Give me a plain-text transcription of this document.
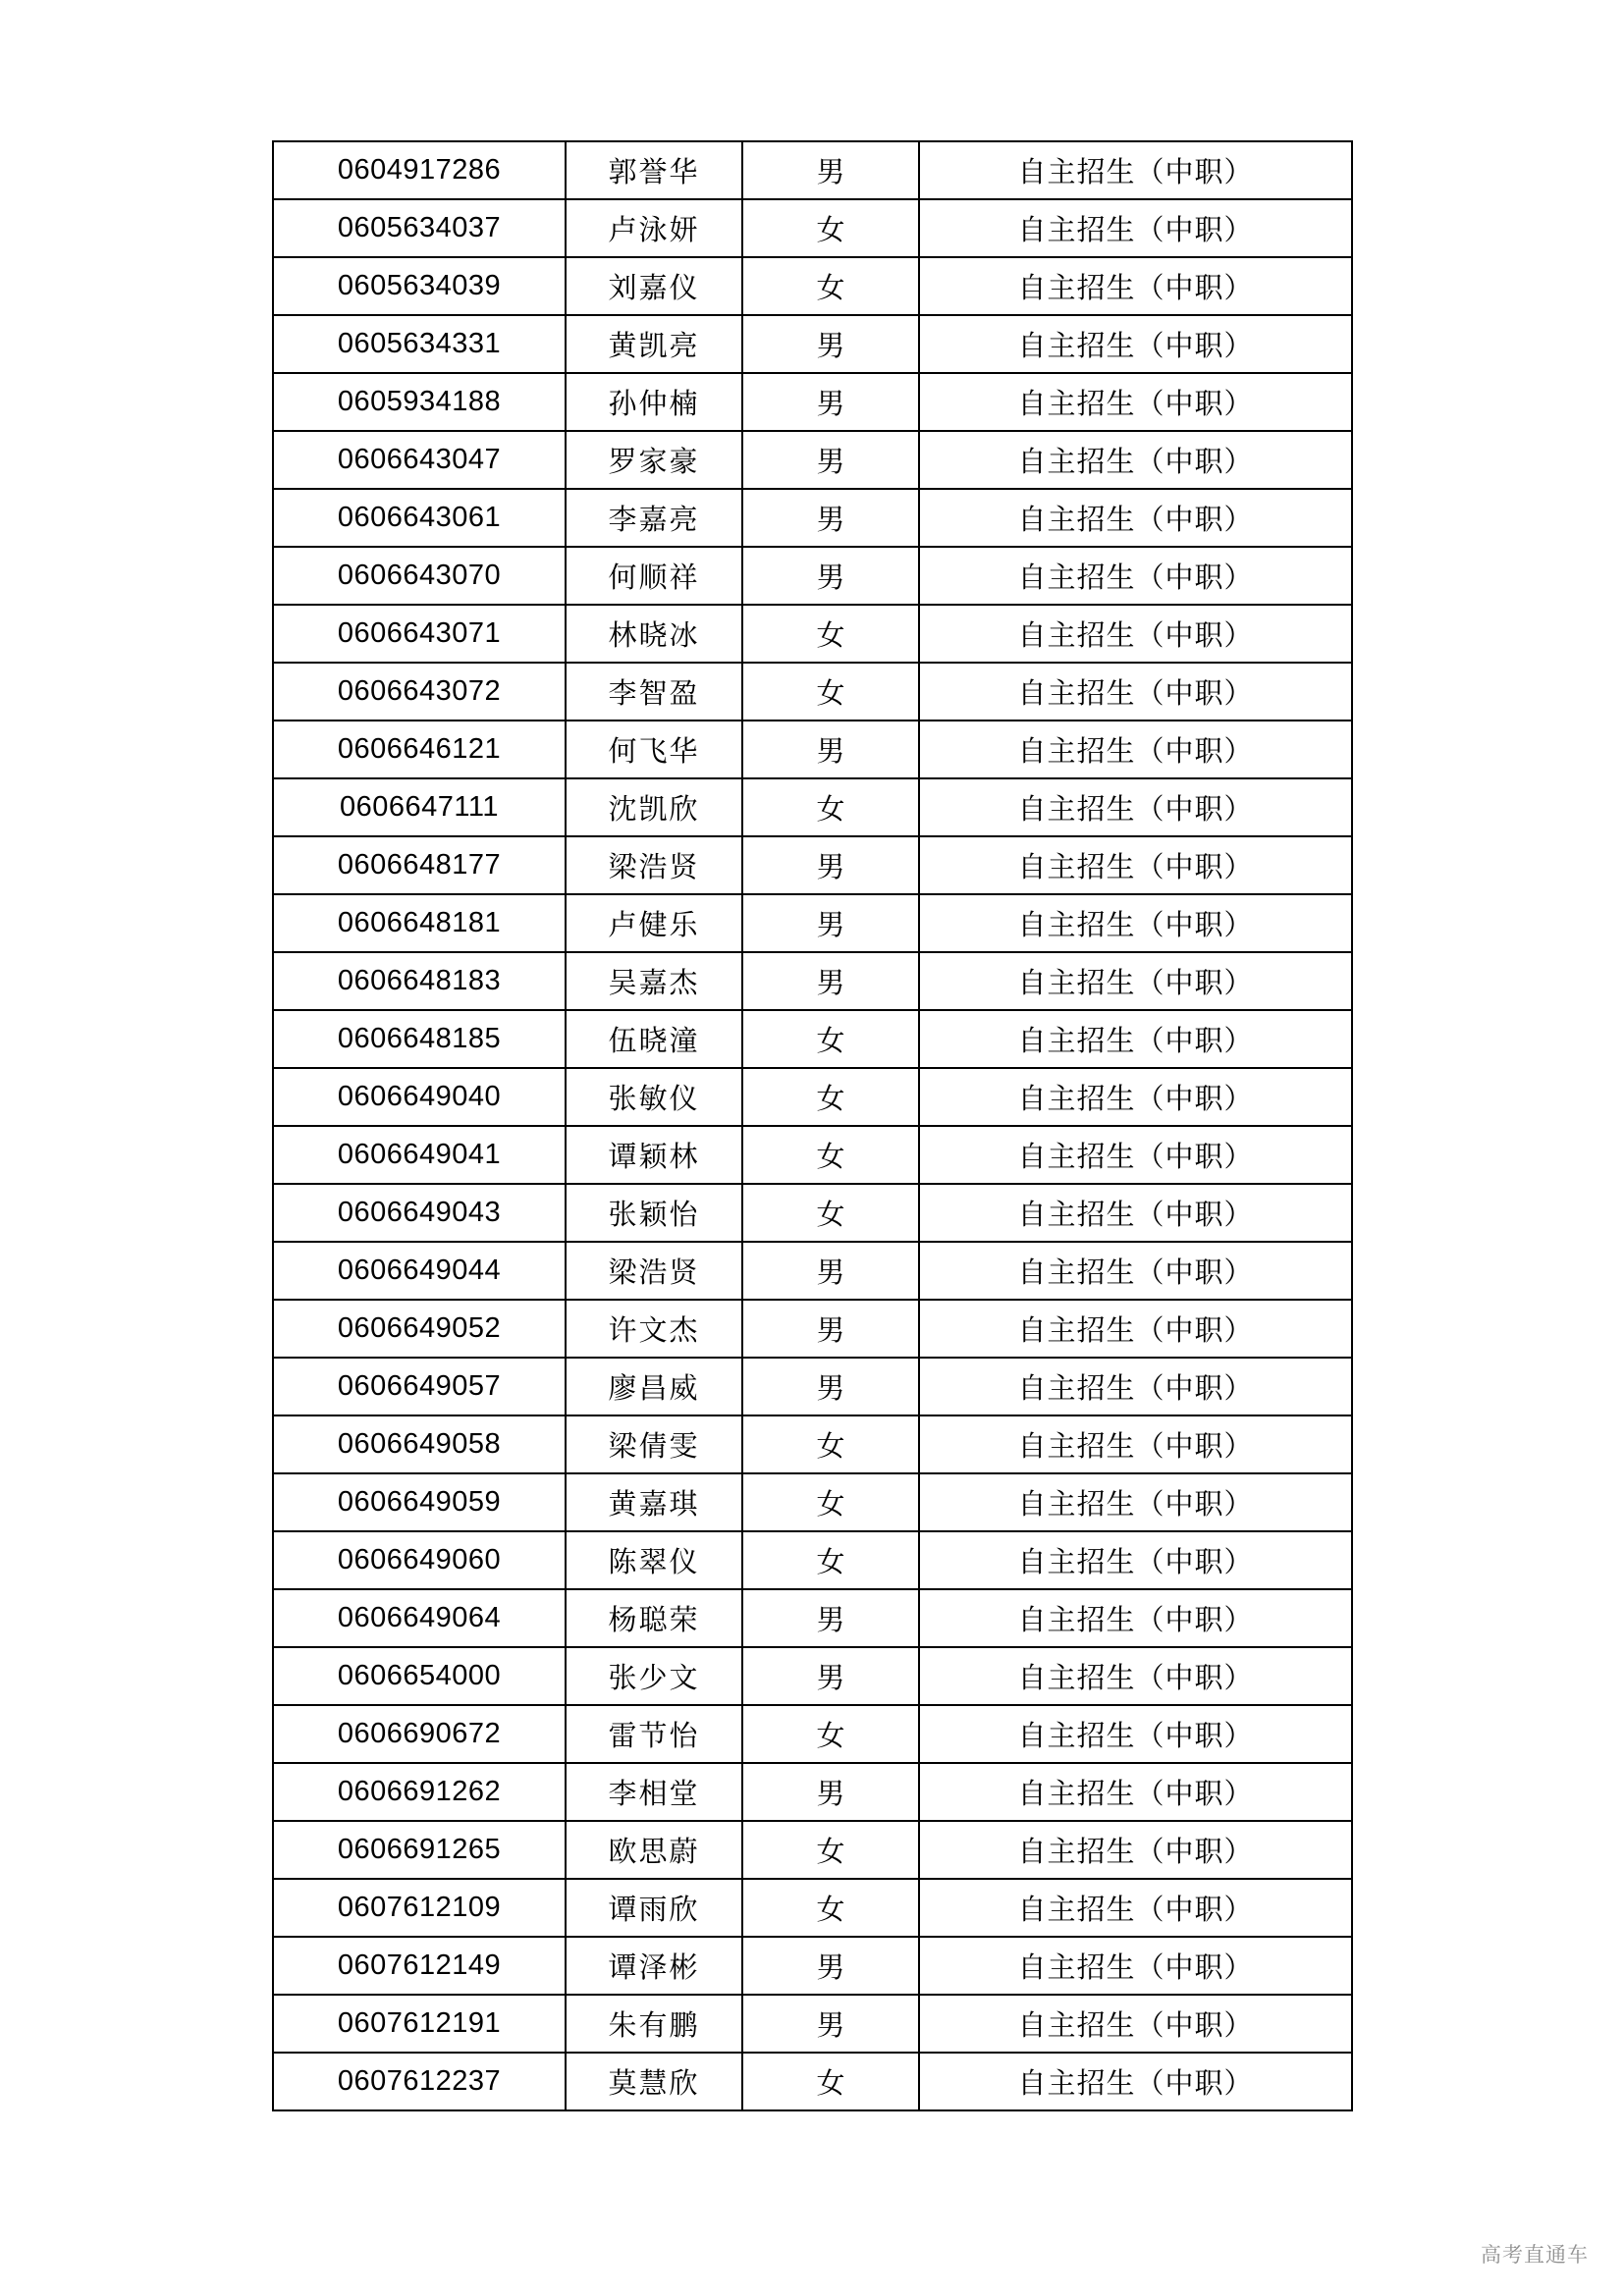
0604917286	郭誉华	男	自主招生（中职）
0605634037	卢泳妍	女	自主招生（中职）
0605634039	刘嘉仪	女	自主招生（中职）
0605634331	黄凯亮	男	自主招生（中职）
0605934188	孙仲楠	男	自主招生（中职）
0606643047	罗家豪	男	自主招生（中职）
0606643061	李嘉亮	男	自主招生（中职）
0606643070	何顺祥	男	自主招生（中职）
0606643071	林晓冰	女	自主招生（中职）
0606643072	李智盈	女	自主招生（中职）
0606646121	何飞华	男	自主招生（中职）
0606647111	沈凯欣	女	自主招生（中职）
0606648177	梁浩贤	男	自主招生（中职）
0606648181	卢健乐	男	自主招生（中职）
0606648183	吴嘉杰	男	自主招生（中职）
0606648185	伍晓潼	女	自主招生（中职）
0606649040	张敏仪	女	自主招生（中职）
0606649041	谭颖林	女	自主招生（中职）
0606649043	张颖怡	女	自主招生（中职）
0606649044	梁浩贤	男	自主招生（中职）
0606649052	许文杰	男	自主招生（中职）
0606649057	廖昌威	男	自主招生（中职）
0606649058	梁倩雯	女	自主招生（中职）
0606649059	黄嘉琪	女	自主招生（中职）
0606649060	陈翠仪	女	自主招生（中职）
0606649064	杨聪荣	男	自主招生（中职）
0606654000	张少文	男	自主招生（中职）
0606690672	雷节怡	女	自主招生（中职）
0606691262	李相堂	男	自主招生（中职）
0606691265	欧思蔚	女	自主招生（中职）
0607612109	谭雨欣	女	自主招生（中职）
0607612149	谭泽彬	男	自主招生（中职）
0607612191	朱有鹏	男	自主招生（中职）
0607612237	莫慧欣	女	自主招生（中职）
高考直通车
